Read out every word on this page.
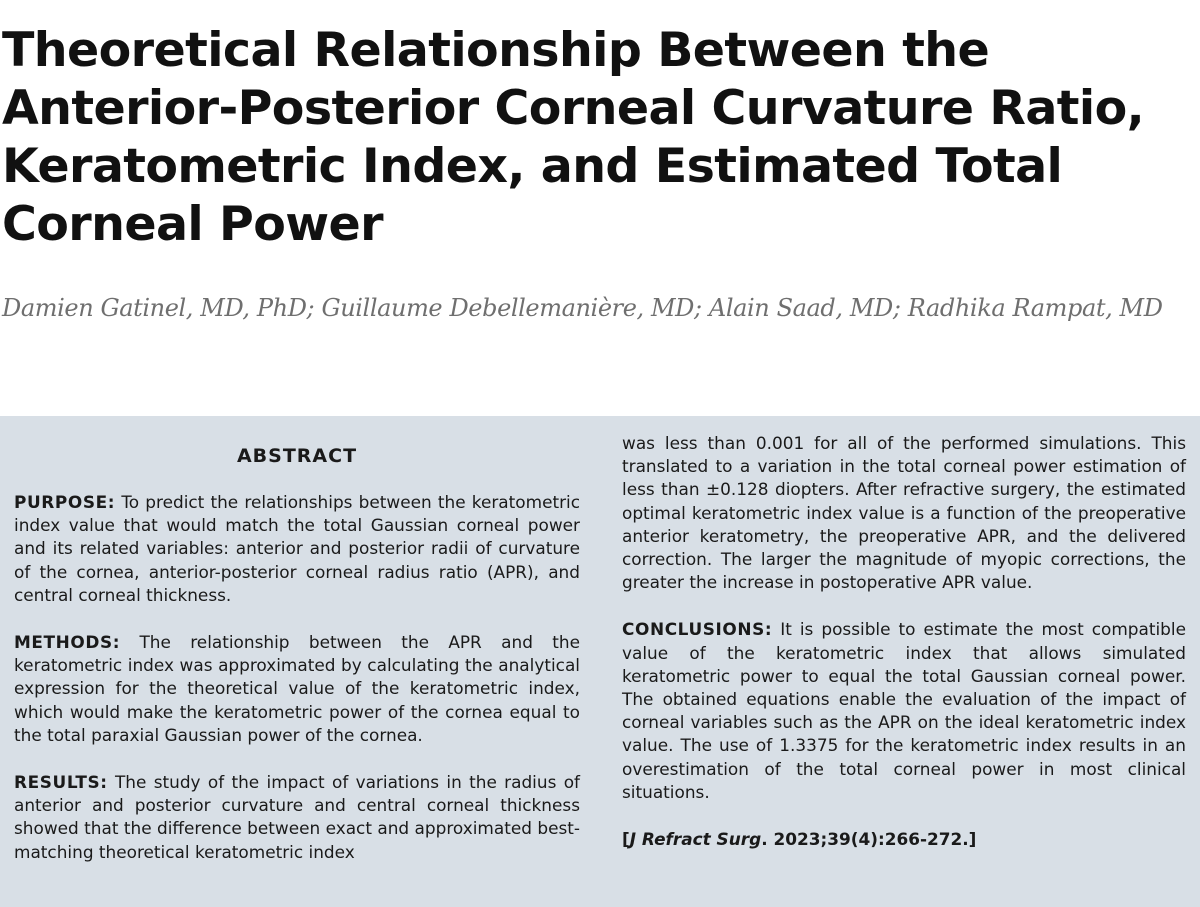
Theoretical Relationship Between the Anterior-Posterior Corneal Curvature Ratio, Keratometric Index, and Estimated Total Corneal Power
Damien Gatinel, MD, PhD; Guillaume Debellemanière, MD; Alain Saad, MD; Radhika Rampat, MD
ABSTRACT

PURPOSE: To predict the relationships between the keratometric index value that would match the total Gaussian corneal power and its related variables: anterior and posterior radii of curvature of the cornea, anterior-posterior corneal radius ratio (APR), and central corneal thickness.

METHODS: The relationship between the APR and the keratometric index was approximated by calculating the analytical expression for the theoretical value of the keratometric index, which would make the keratometric power of the cornea equal to the total paraxial Gaussian power of the cornea.

RESULTS: The study of the impact of variations in the radius of anterior and posterior curvature and central corneal thickness showed that the difference between exact and approximated best-matching theoretical keratometric index

was less than 0.001 for all of the performed simulations. This translated to a variation in the total corneal power estimation of less than ±0.128 diopters. After refractive surgery, the estimated optimal keratometric index value is a function of the preoperative anterior keratometry, the preoperative APR, and the delivered correction. The larger the magnitude of myopic corrections, the greater the increase in postoperative APR value.

CONCLUSIONS: It is possible to estimate the most compatible value of the keratometric index that allows simulated keratometric power to equal the total Gaussian corneal power. The obtained equations enable the evaluation of the impact of corneal variables such as the APR on the ideal keratometric index value. The use of 1.3375 for the keratometric index results in an overestimation of the total corneal power in most clinical situations.

[J Refract Surg. 2023;39(4):266-272.]
